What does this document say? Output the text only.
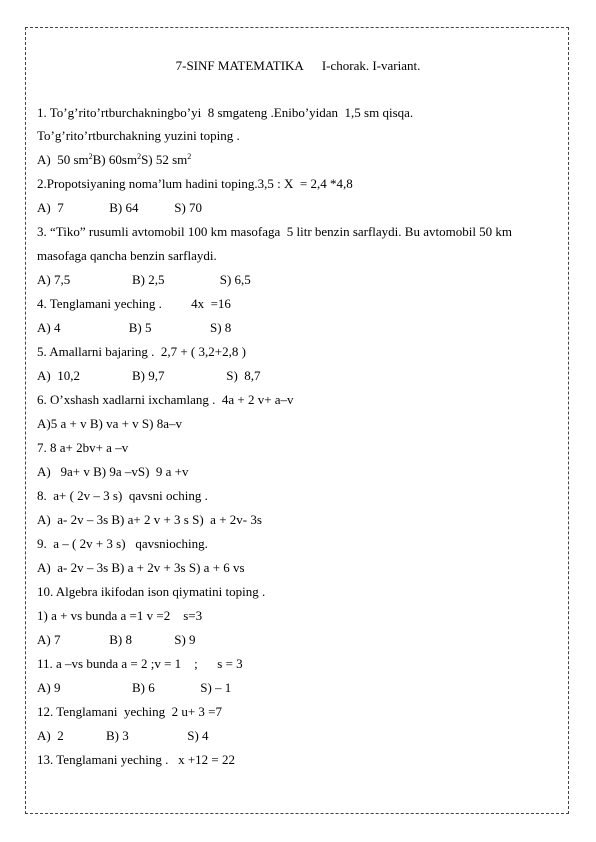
7-SINF MATEMATIKA I-chorak. I-variant.
1. To’g’rito’rtburchakningbo’yi  8 smgateng .Enibo’yidan  1,5 sm qisqa.
To’g’rito’rtburchakning yuzini toping .
A)  50 $sm^2B$) $60sm^2S$) 52 $sm^2$
2.Propotsiyaning noma’lum hadini toping.3,5 : X  = 2,4 *4,8
A)  7              B) 64           S) 70
3. “Tiko” rusumli avtomobil 100 km masofaga  5 litr benzin sarflaydi. Bu avtomobil 50 km
masofaga qancha benzin sarflaydi.
A) 7,5                   B) 2,5                 S) 6,5
4. Tenglamani yeching .         4x  =16
A) 4                     B) 5                  S) 8
5. Amallarni bajaring .  2,7 + ( 3,2+2,8 )
A)  10,2                B) 9,7                   S)  8,7
6. O’xshash xadlarni ixchamlang .  4a + 2 v+ a–v
A)5 a + v B) va + v S) 8a–v
7. 8 a+ 2bv+ a –v
A)   9a+ v B) 9a –vS)  9 a +v
8.  a+ ( 2v – 3 s)  qavsni oching .
A)  a- 2v – 3s B) a+ 2 v + 3 s S)  a + 2v- 3s
9.  a – ( 2v + 3 s)   qavsnioching.
A)  a- 2v – 3s B) a + 2v + 3s S) a + 6 vs
10. Algebra ikifodan ison qiymatini toping .
1) a + vs bunda a =1 v =2    s=3
A) 7               B) 8             S) 9
11. a –vs bunda a = 2 ;v = 1    ;      s = 3
A) 9                      B) 6              S) – 1
12. Tenglamani  yeching  2 u+ 3 =7
A)  2             B) 3                  S) 4
13. Tenglamani yeching .   x +12 = 22
